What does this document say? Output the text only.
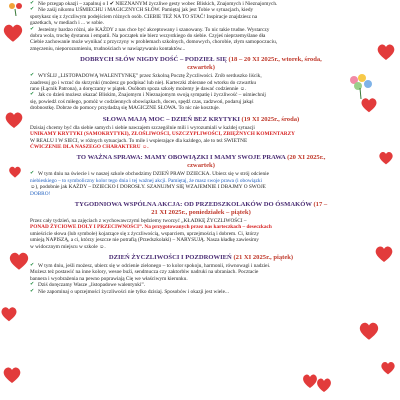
✔ Nie przegap okazji – zapalnuj o I ✔ NIEZNANYM życzliwe gesty wobec Bliskich, Znajomych i Nieznajomych.

✔ Nie zaśij nikomu UŚMIECHU i MAGICZNYCH SŁÓW. Pamiętaj jak jest Tobie w sytuacjach, kiedy

spotykasz się z życzliwym podejściem różnych osób. CIEBIE TEŻ NA TO STAĆ! Inspiracje znajdziesz na

gazetkach, w mediach i ... w sobie.

✔ Jesteśmy bardzo różni, ale KAŻDY z nas chce być akceptowany i szanowany. To nic takie trudne. Wystarczy

dobra wola, trochę dystansu i empatii. Na początek nie bierz wszystkiego do siebie. Czyjeś nieprzemyślane dła

Ciebie zachowanie może wynikać z przyczyny w problemach szkolnych, domowych, chorobie, złym samopoczuciu,

zmęczeniu, nieporozumieniu, trudnościach w nawiązywaniu kontaktów...

DOBRYCH SŁÓW NIGDY DOŚĆ – PODZIEŁ SIĘ (18 – 20 XI 2025r., wtorek, środa,
czwartek)

✔ WYŚLIJ „LISTOPADOWĄ WALENTYNKĘ” przez Szkolną Pocztę Życzliwości. Zrób serduszko liścik,

zaadresuj go i wrzuć do skrzynki (możesz go podpisać lub nie). Karteczki zbierane od wtorku do czwartku

rano (Łącnik Patrona), a doręczamy w piątek. Osóbom spoza szkoły możemy je dawać codziennie ☺.

✔ Jak co dzień możesz okazać Bliskim, Znajomym i Nieznajomym swoją sympatię i życzliwość – uśmiechnij

się, powiedź coś miłego, pomóż w codziennych obowiązkach, docen, spędź czas, zadzwoń, podaruj jakąś

drobnostkę. Dobrze do pomocy przydadzą się MAGICZNE SŁOWA. To nic nie kosztuje.

SŁOWA MAJĄ MOC – DZIEŃ BEZ KRYTYKI (19 XI 2025r., środa)

Dzisiaj chcemy być dla siebie samych i siebie nawzajem szczególnie mili i wyrozumiali w każdej sytuacji

UNIKAMY KRYTYKI (SAMOKRYTYKI), ZŁOŚLIWOŚCI, USZCZYPLIWOŚCI, ZBIĘŻNYCH KOMENTARZY

W REALU I W SIECI, w różnych sytuacjach. To mile i wspierające dla każdego, ale to też SWIETNE

ĆWICZENIE DLA NASZEGO CHARAKTERU ☺.

TO WAŻNA SPRAWA: MAMY OBOWIĄZKI I MAMY SWOJE PRAWA (20 XI 2025r.,
czwartek)

✔ W tym dniu na świecie i w naszej szkole obchodzimy DZIEŃ PRAW DZIECKA. Ubierz się w strój odcienie

niebieskiego – to symboliczny kolor tego dnia i tej ważnej akcji. Pamiętaj, że masz swoje prawa (i obowiązki

☺), podobnie jak KAŻDY – DZIECKO I DOROSŁY. SZANUJMY SIĘ WZAJEMNIE I DBAJMY O SWOJE

DOBRO!

TYGODNIOWA WSPÓLNA AKCJA: OD PRZEDSZKOLAKÓW DO ÓSMAKÓW (17 –
21 XI 2025r., poniedziałek – piątek)

Przez cały tydzień, na zajęciach z wychowawczymi będziemy tworzyć „KŁADKĘ ŻYCZLIWOŚCI –

PONAD ŻYCIOWE DOLY I PRZECIWNOŚCI”. Na przygotowanych przez nas karteczkach – deseczkach

umieścicie słowa (lub symbole) kojarzące się z życzliwością, wsparciem, uprzejmością i dobrem. Ci, którzy

umieją NAPISZĄ, a ci, którzy jeszcze nie potrafią (Przedszkolaki) – NARYSUJĄ. Nasza kładkę zawiesimy

w widocznym miejscu w szkole ☺.

DZIEŃ ŻYCZLIWOŚCI I POZDROWIEŃ (21 XI 2025r., piątek)

✔ W tym dniu, jeśli możesz, ubierz się w odcienie zielonego – to kolor spokoju, harmonii, równowagi i nadziei.

Możesz też postawić na inne kolory, wesoe buźi, sendmucza czy zaktorbiw nadruki na ubraniach. Pocztacie

bannera i wyobrażenia na pewno poprawiają Cię we właściwym kierunku.

✔ Dziś doręczamy Wasze „listopadowe walentynki”.

✔ Nie zapominaj o uprzejmości życzliwości nie tylko dzisiaj. Sposobów i okazji jest wiele...
